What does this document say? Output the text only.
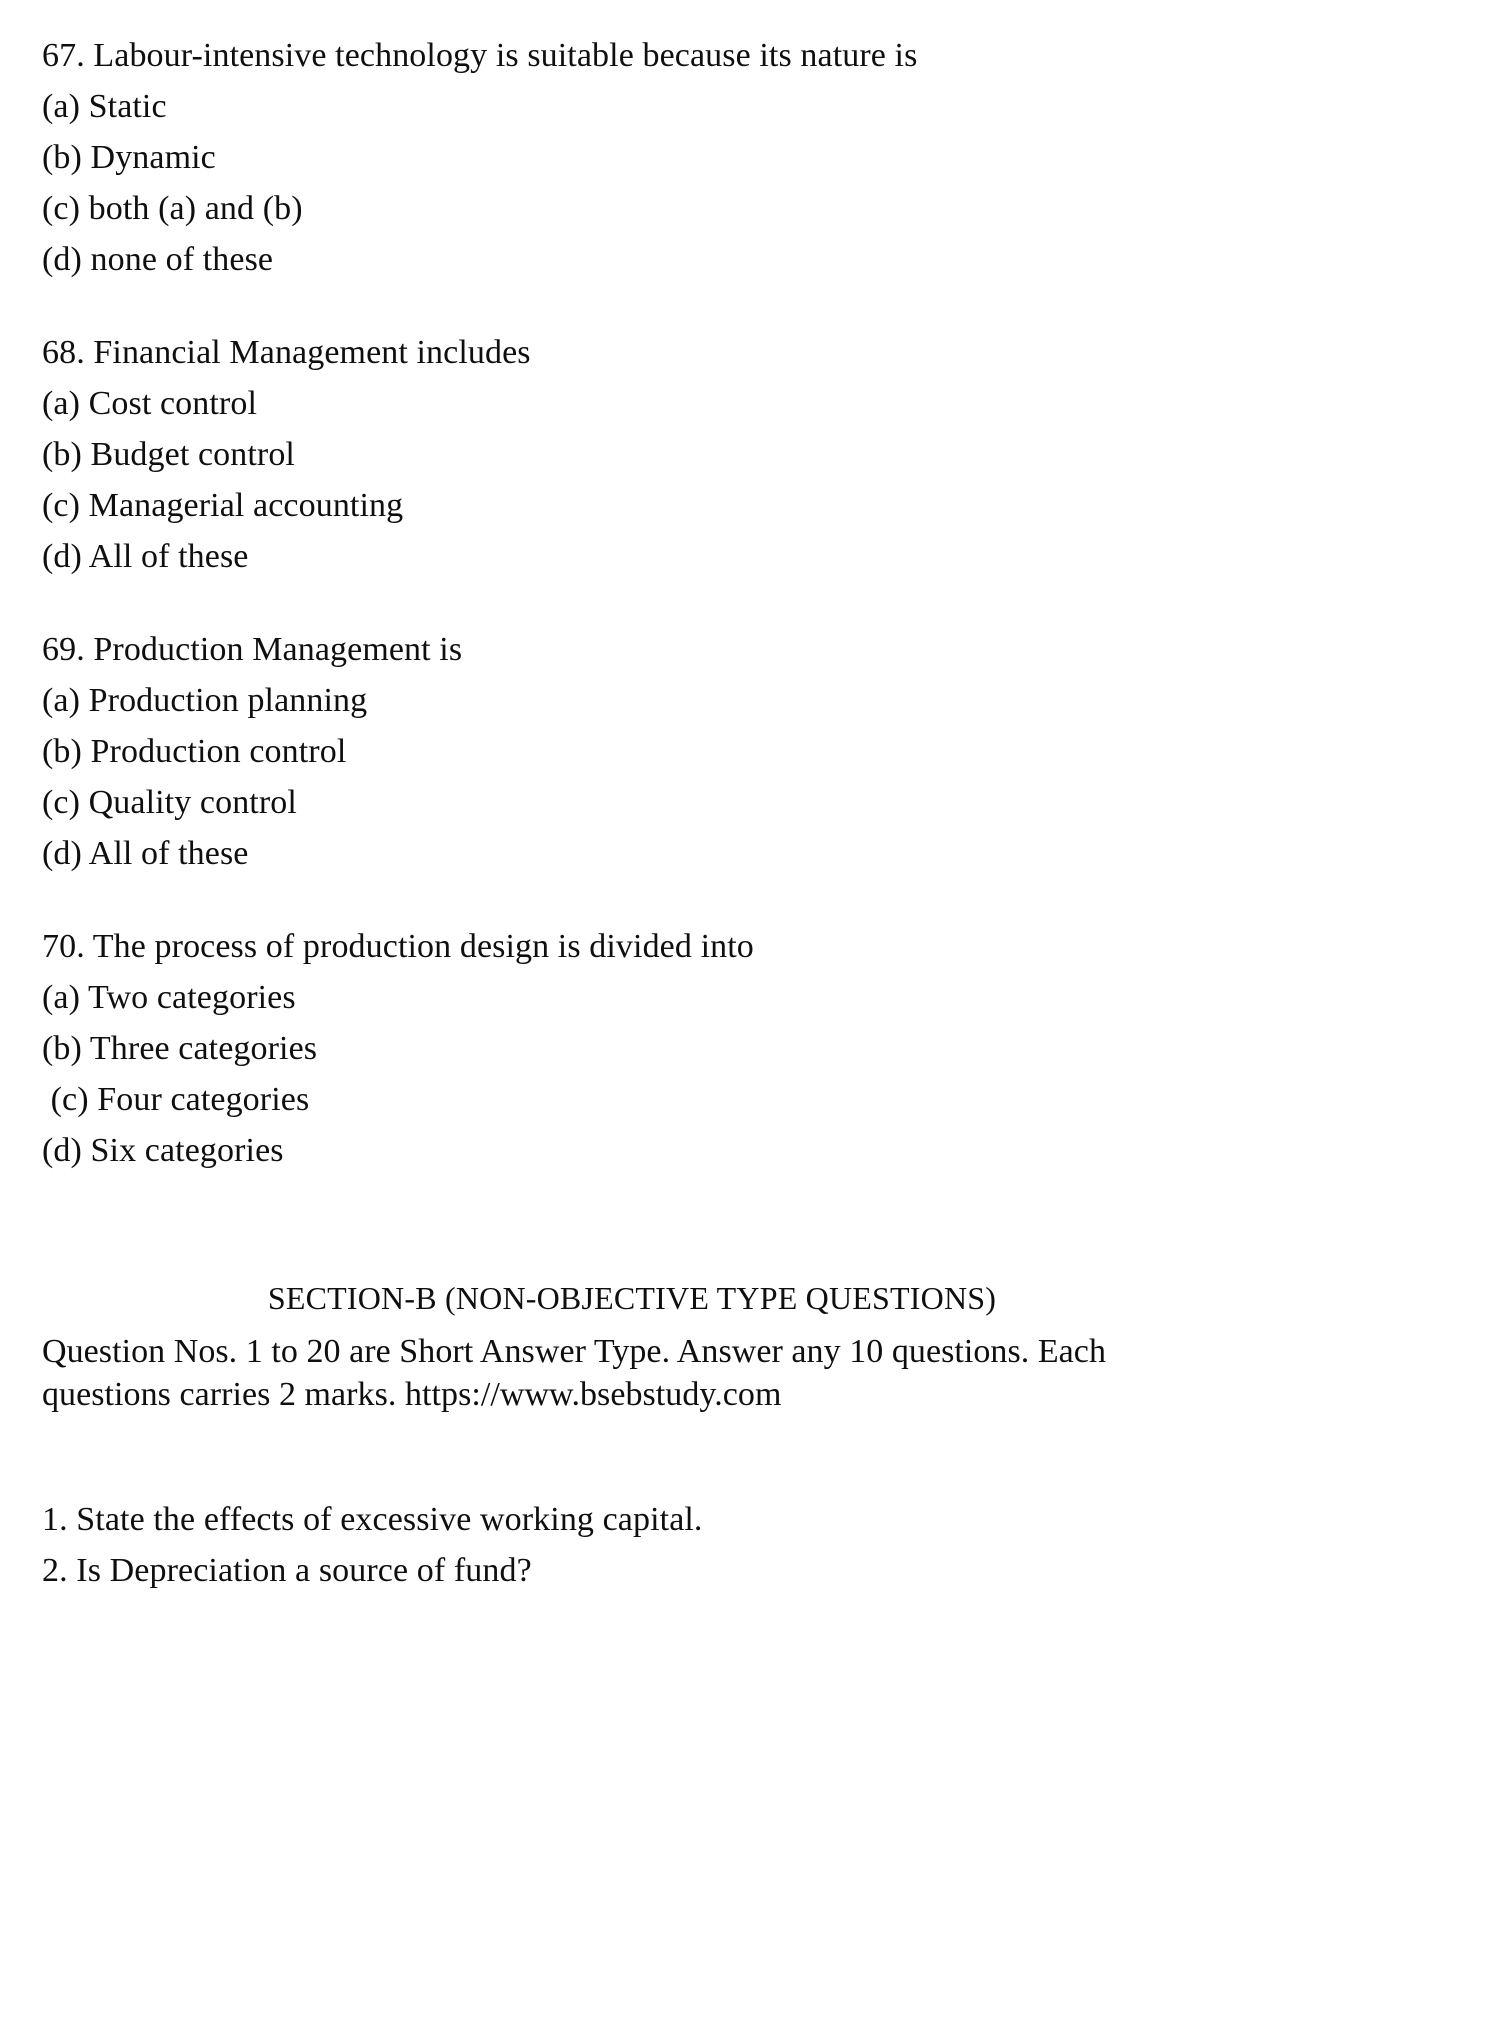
67. Labour-intensive technology is suitable because its nature is
(a) Static
(b) Dynamic
(c) both (a) and (b)
(d) none of these
68. Financial Management includes
(a) Cost control
(b) Budget control
(c) Managerial accounting
(d) All of these
69. Production Management is
(a) Production planning
(b) Production control
(c) Quality control
(d) All of these
70. The process of production design is divided into
(a) Two categories
(b) Three categories
(c) Four categories
(d) Six categories
SECTION-B (NON-OBJECTIVE TYPE QUESTIONS)

Question Nos. 1 to 20 are Short Answer Type. Answer any 10 questions. Each questions carries 2 marks. https://www.bsebstudy.com

1. State the effects of excessive working capital.
2. Is Depreciation a source of fund?
